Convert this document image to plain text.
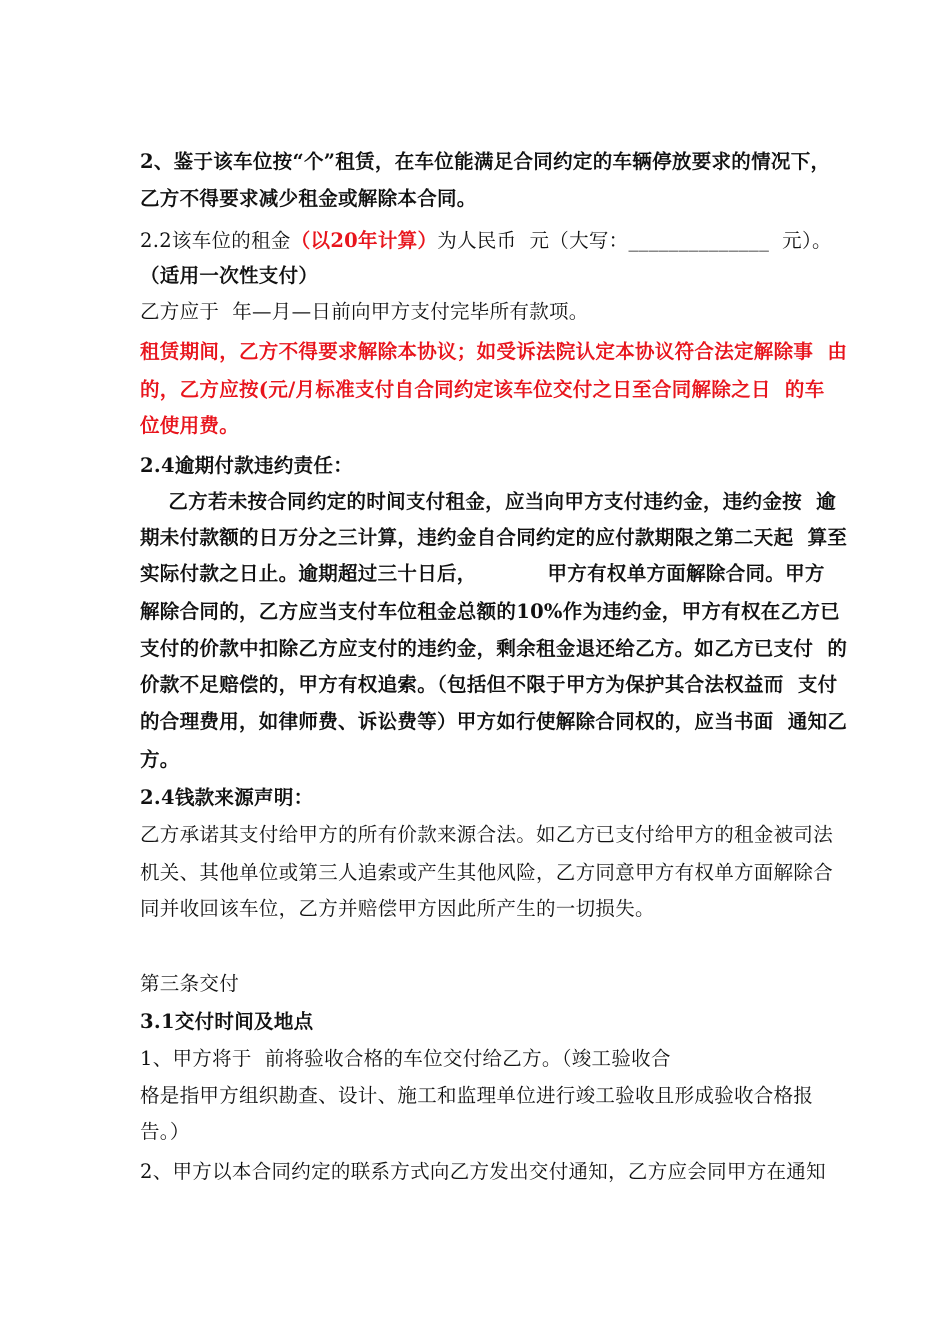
2、鉴于该车位按“个”租赁，在车位能满足合同约定的车辆停放要求的情况下，
乙方不得要求减少租金或解除本合同。
2.2该车位的租金（以20年计算）为人民币  元（大写：______________  元）。
（适用一次性支付）
乙方应于  年—月—日前向甲方支付完毕所有款项。
租赁期间，乙方不得要求解除本协议；如受诉法院认定本协议符合法定解除事  由
的，乙方应按(元/月标准支付自合同约定该车位交付之日至合同解除之日  的车
位使用费。
2.4逾期付款违约责任：
乙方若未按合同约定的时间支付租金，应当向甲方支付违约金，违约金按  逾
期未付款额的日万分之三计算，违约金自合同约定的应付款期限之第二天起  算至
实际付款之日止。逾期超过三十日后，          甲方有权单方面解除合同。甲方
解除合同的，乙方应当支付车位租金总额的10%作为违约金，甲方有权在乙方已
支付的价款中扣除乙方应支付的违约金，剩余租金退还给乙方。如乙方已支付  的
价款不足赔偿的，甲方有权追索。（包括但不限于甲方为保护其合法权益而  支付
的合理费用，如律师费、诉讼费等）甲方如行使解除合同权的，应当书面  通知乙
方。
2.4钱款来源声明：
乙方承诺其支付给甲方的所有价款来源合法。如乙方已支付给甲方的租金被司法
机关、其他单位或第三人追索或产生其他风险，乙方同意甲方有权单方面解除合
同并收回该车位，乙方并赔偿甲方因此所产生的一切损失。
第三条交付
3.1交付时间及地点
1、甲方将于  前将验收合格的车位交付给乙方。（竣工验收合
格是指甲方组织勘查、设计、施工和监理单位进行竣工验收且形成验收合格报
告。）
2、甲方以本合同约定的联系方式向乙方发出交付通知，乙方应会同甲方在通知
